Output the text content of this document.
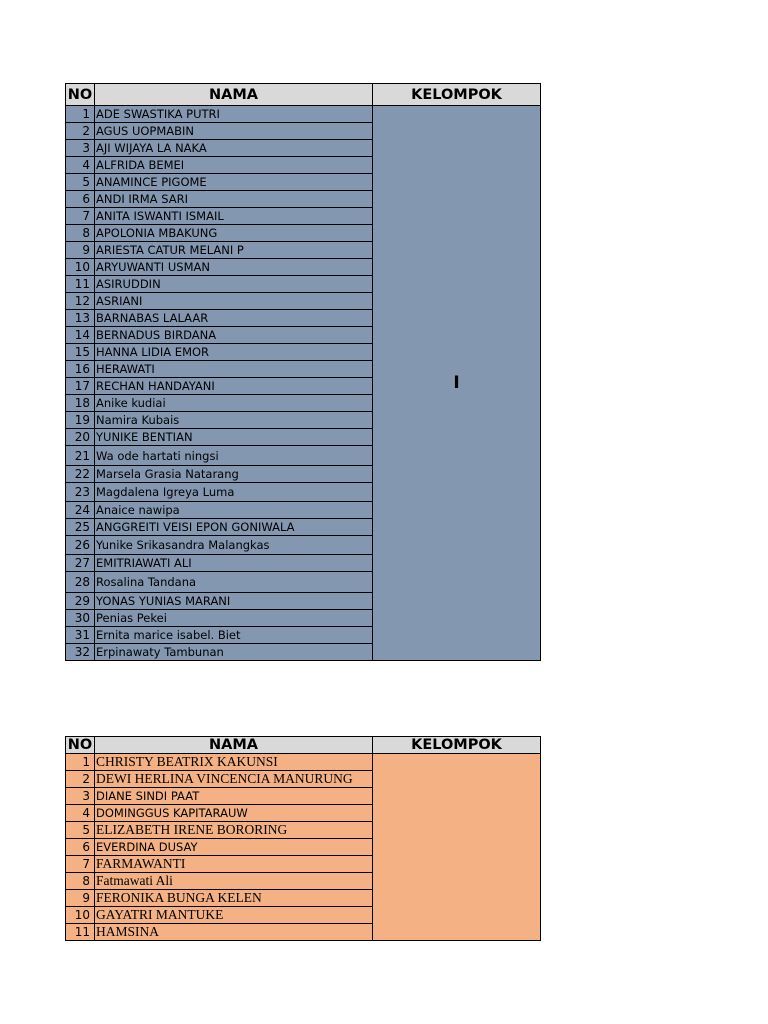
NO	NAMA	KELOMPOK
1	ADE SWASTIKA PUTRI	I
2	AGUS UOPMABIN	
3	AJI WIJAYA LA NAKA	
4	ALFRIDA BEMEI	
5	ANAMINCE PIGOME	
6	ANDI IRMA SARI	
7	ANITA ISWANTI ISMAIL	
8	APOLONIA MBAKUNG	
9	ARIESTA CATUR MELANI P	
10	ARYUWANTI USMAN	
11	ASIRUDDIN	
12	ASRIANI	
13	BARNABAS LALAAR	
14	BERNADUS BIRDANA	
15	HANNA LIDIA EMOR	
16	HERAWATI	
17	RECHAN HANDAYANI	
18	Anike kudiai	
19	Namira Kubais	
20	YUNIKE BENTIAN	
21	Wa ode hartati ningsi	
22	Marsela Grasia Natarang	
23	Magdalena Igreya Luma	
24	Anaice nawipa	
25	ANGGREITI VEISI EPON GONIWALA	
26	Yunike Srikasandra Malangkas	
27	EMITRIAWATI ALI	
28	Rosalina Tandana	
29	YONAS YUNIAS MARANI	
30	Penias Pekei	
31	Ernita marice isabel. Biet	
32	Erpinawaty Tambunan	
NO	NAMA	KELOMPOK
1	CHRISTY BEATRIX KAKUNSI	
2	DEWI HERLINA VINCENCIA MANURUNG	
3	DIANE SINDI PAAT	
4	DOMINGGUS KAPITARAUW	
5	ELIZABETH IRENE BORORING	
6	EVERDINA DUSAY	
7	FARMAWANTI	
8	Fatmawati Ali	
9	FERONIKA BUNGA KELEN	
10	GAYATRI MANTUKE	
11	HAMSINA	
